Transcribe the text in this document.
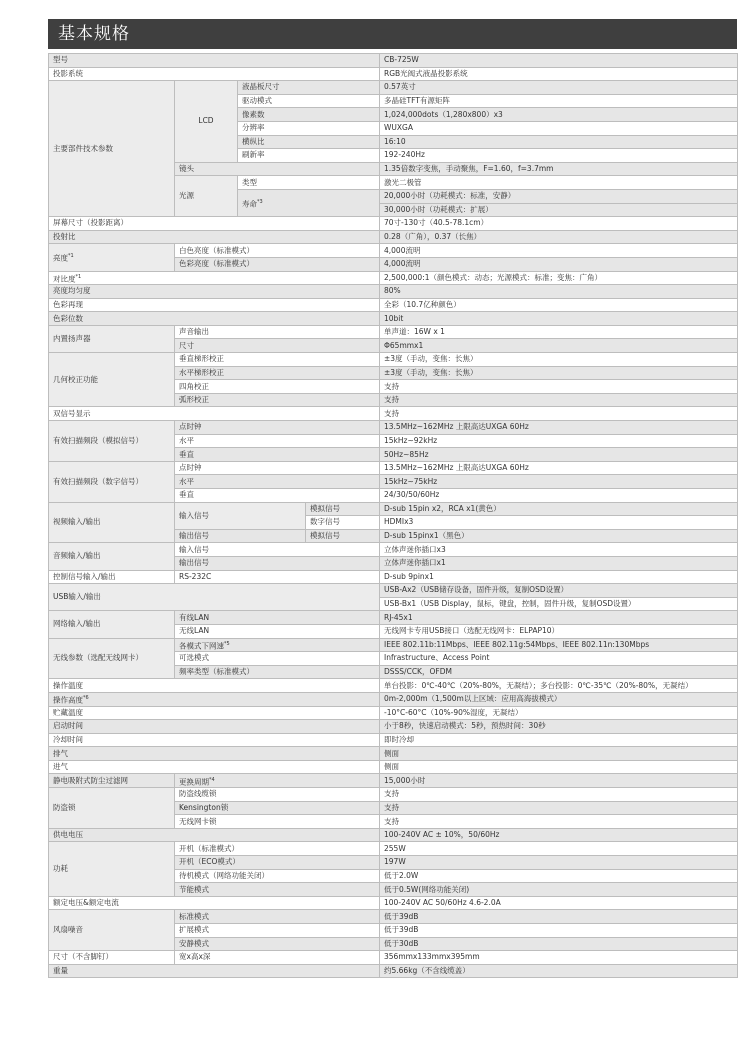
基本规格
型号				CB-725W
投影系统				RGB光阀式液晶投影系统
主要部件技术参数	LCD	液晶板尺寸		0.57英寸
		驱动模式		多晶硅TFT有源矩阵
		像素数		1,024,000dots（1,280x800）x3
		分辨率		WUXGA
		横纵比		16:10
		刷新率		192-240Hz
	镜头			1.35倍数字变焦，手动聚焦，F=1.60，f=3.7mm
	光源	类型		激光二极管
		寿命$^{*3}$		20,000小时（功耗模式：标准，安静）
				30,000小时（功耗模式：扩展）
屏幕尺寸（投影距离）				70寸-130寸（40.5-78.1cm）
投射比				0.28（广角），0.37（长焦）
亮度$^{*1}$	白色亮度（标准模式）			4,000流明
	色彩亮度（标准模式）			4,000流明
对比度$^{*1}$				2,500,000:1（颜色模式：动态；光源模式：标准；变焦：广角）
亮度均匀度				80%
色彩再现				全彩（10.7亿种颜色）
色彩位数				10bit
内置扬声器	声音输出			单声道：16W x 1
	尺寸			Φ65mmx1
几何校正功能	垂直梯形校正			±3度（手动，变焦：长焦）
	水平梯形校正			±3度（手动，变焦：长焦）
	四角校正			支持
	弧形校正			支持
双信号显示				支持
有效扫描频段（模拟信号）	点时钟			13.5MHz~162MHz 上限高达UXGA 60Hz
	水平			15kHz~92kHz
	垂直			50Hz~85Hz
有效扫描频段（数字信号）	点时钟			13.5MHz~162MHz 上限高达UXGA 60Hz
	水平			15kHz~75kHz
	垂直			24/30/50/60Hz
视频输入/输出	输入信号		模拟信号	D-sub 15pin x2，RCA x1(黄色）
			数字信号	HDMIx3
	输出信号		模拟信号	D-sub 15pinx1（黑色）
音频输入/输出	输入信号			立体声迷你插口x3
	输出信号			立体声迷你插口x1
控制信号输入/输出	RS-232C			D-sub 9pinx1
USB输入/输出				USB-Ax2（USB储存设备，固件升级，复制OSD设置）
				USB-Bx1（USB Display，鼠标，键盘，控制，固件升级，复制OSD设置）
网络输入/输出	有线LAN			RJ-45x1
	无线LAN			无线网卡专用USB接口（选配无线网卡：ELPAP10）
无线参数（选配无线网卡）	各模式下网速$^{*5}$			IEEE 802.11b:11Mbps、IEEE 802.11g:54Mbps、IEEE 802.11n:130Mbps
	可选模式			Infrastructure、Access Point
	频率类型（标准模式）			DSSS/CCK，OFDM
操作温度				单台投影：0℃-40℃（20%-80%，无凝结）；多台投影：0℃-35℃（20%-80%，无凝结）
操作高度$^{*6}$				0m-2,000m（1,500m以上区域：应用高海拔模式）
贮藏温度				-10°C-60°C（10%-90%湿度，无凝结）
启动时间				小于8秒，快速启动模式：5秒，预热时间：30秒
冷却时间				即时冷却
排气				侧面
进气				侧面
静电吸附式防尘过滤网	更换周期$^{*4}$			15,000小时
防盗锁	防盗线缆锁			支持
	Kensington锁			支持
	无线网卡锁			支持
供电电压				100-240V AC ± 10%，50/60Hz
功耗	开机（标准模式）			255W
	开机（ECO模式）			197W
	待机模式（网络功能关闭）			低于2.0W
	节能模式			低于0.5W(网络功能关闭)
额定电压&额定电流				100-240V AC 50/60Hz 4.6-2.0A
风扇噪音	标准模式			低于39dB
	扩展模式			低于39dB
	安静模式			低于30dB
尺寸（不含脚钉）	宽x高x深			356mmx133mmx395mm
重量				约5.66kg（不含线缆盖）
